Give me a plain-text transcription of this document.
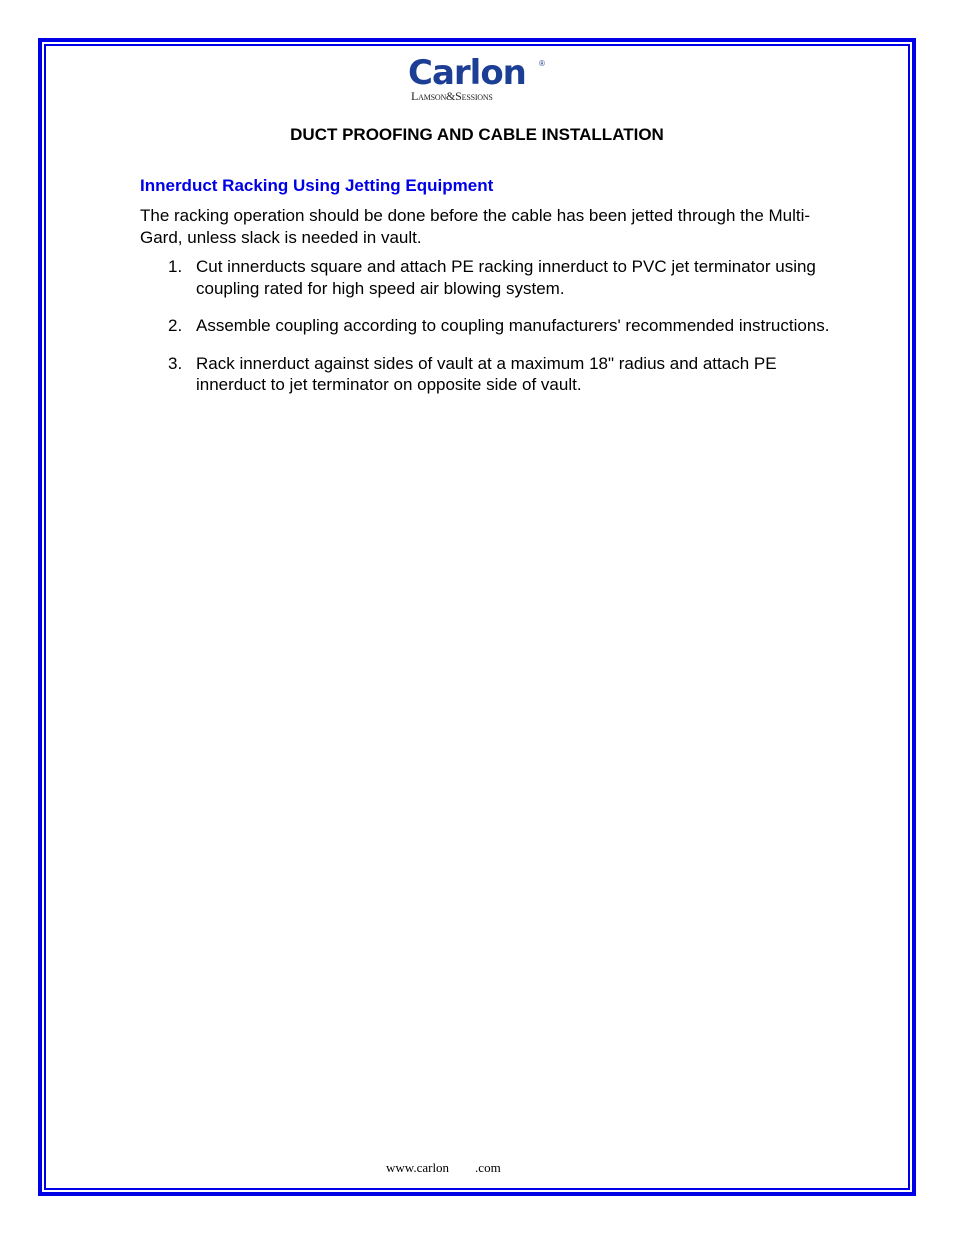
Carlon ®
Lamson&Sessions
DUCT PROOFING AND CABLE INSTALLATION
Innerduct Racking Using Jetting Equipment

The racking operation should be done before the cable has been jetted through the Multi-Gard, unless slack is needed in vault.

1. Cut innerducts square and attach PE racking innerduct to PVC jet terminator using coupling rated for high speed air blowing system.
2. Assemble coupling according to coupling manufacturers' recommended instructions.
3. Rack innerduct against sides of vault at a maximum 18" radius and attach PE innerduct to jet terminator on opposite side of vault.

www.carlon        .com
